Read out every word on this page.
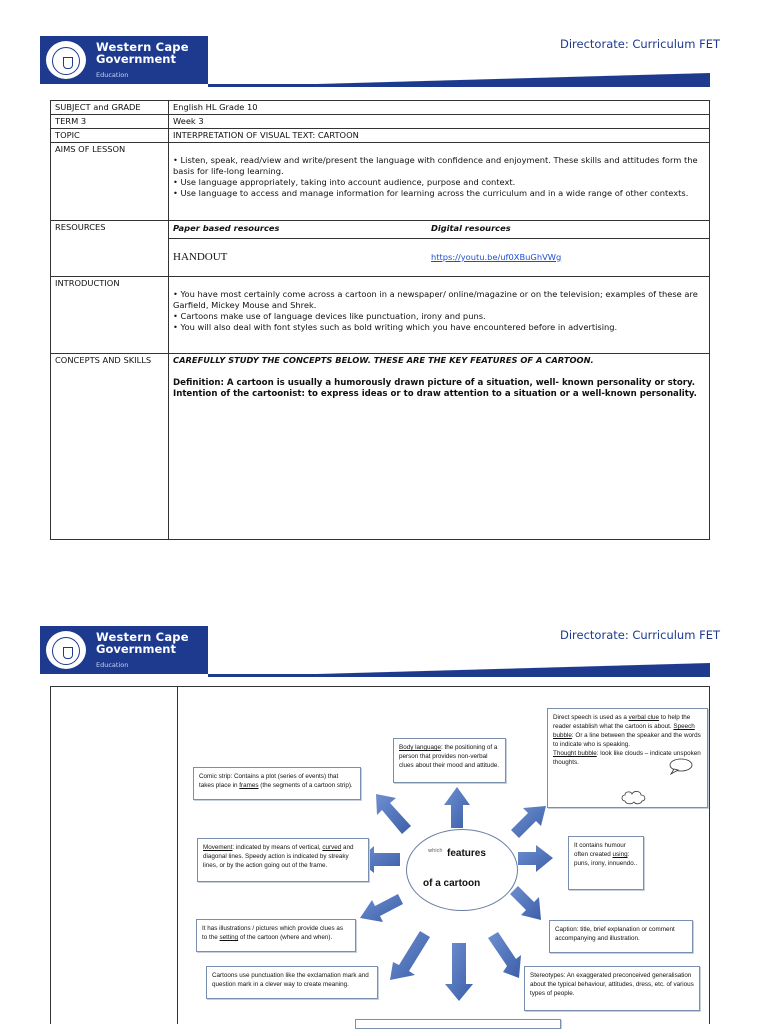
Western Cape
Government
Education
Directorate: Curriculum FET
SUBJECT and GRADE	English HL Grade 10
TERM 3	Week 3
TOPIC	INTERPRETATION OF VISUAL TEXT: CARTOON
AIMS OF LESSON	

• Listen, speak, read/view and write/present the language with confidence and enjoyment. These skills and attitudes form the basis for life-long learning.

• Use language appropriately, taking into account audience, purpose and context.

• Use language to access and manage information for learning across the curriculum and in a wide range of other contexts.

RESOURCES		Paper based resources	Digital resources
HANDOUT	https://youtu.be/uf0XBuGhVWg

INTRODUCTION	

• You have most certainly come across a cartoon in a newspaper/ online/magazine or on the television; examples of these are Garfield, Mickey Mouse and Shrek.

• Cartoons make use of language devices like punctuation, irony and puns.

• You will also deal with font styles such as bold writing which you have encountered before in advertising.

CONCEPTS AND SKILLS	CAREFULLY STUDY THE CONCEPTS BELOW. THESE ARE THE KEY FEATURES OF A CARTOON.
Definition: A cartoon is usually a humorously drawn picture of a situation, well- known personality or story.
Intention of the cartoonist: to express ideas or to draw attention to a situation or a well-known personality.
Western Cape
Government
Education
Directorate: Curriculum FET
which features
of a cartoon
Body language: the positioning of a person that provides non-verbal clues about their mood and attitude.
Direct speech is used as a verbal clue to help the reader establish what the cartoon is about. Speech bubble: Or a line between the speaker and the words to indicate who is speaking.
Thought bubble: look like clouds – indicate unspoken thoughts.
Comic strip: Contains a plot (series of events) that takes place in frames (the segments of a cartoon strip).
Movement: indicated by means of vertical, curved and diagonal lines. Speedy action is indicated by streaky lines, or by the action going out of the frame.
It contains humour often created using: puns, irony, innuendo..
It has illustrations / pictures which provide clues as to the setting of the cartoon (where and when).
Caption: title, brief explanation or comment accompanying and illustration.
Cartoons use punctuation like the exclamation mark and question mark in a clever way to create meaning.
Stereotypes: An exaggerated preconceived generalisation about the typical behaviour, attitudes, dress, etc. of various types of people.
